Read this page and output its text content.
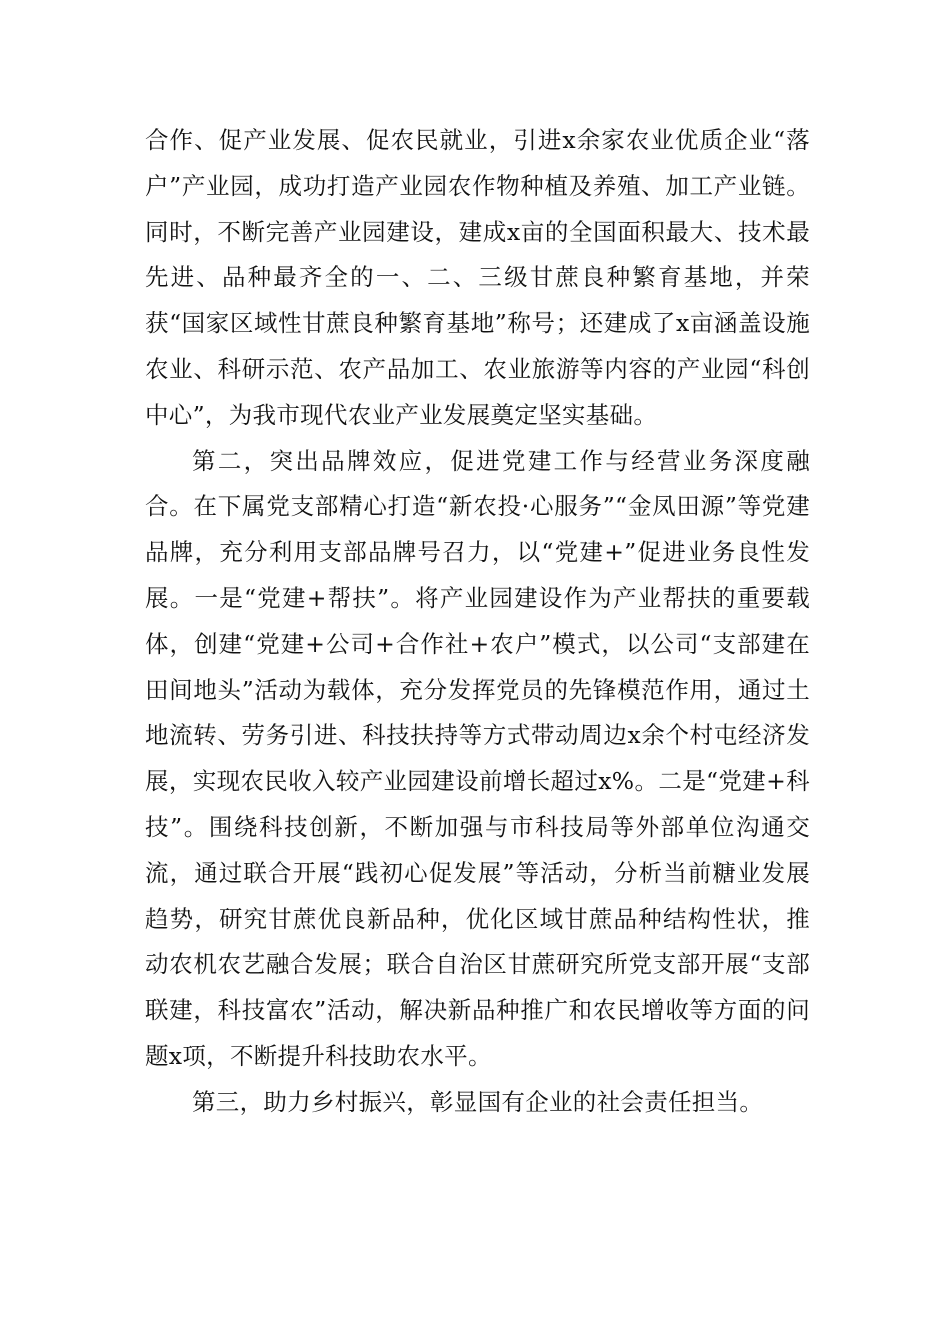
合作、促产业发展、促农民就业，引进x余家农业优质企业“落户”产业园，成功打造产业园农作物种植及养殖、加工产业链。同时，不断完善产业园建设，建成x亩的全国面积最大、技术最先进、品种最齐全的一、二、三级甘蔗良种繁育基地，并荣获“国家区域性甘蔗良种繁育基地”称号；还建成了x亩涵盖设施农业、科研示范、农产品加工、农业旅游等内容的产业园“科创中心”，为我市现代农业产业发展奠定坚实基础。

第二，突出品牌效应，促进党建工作与经营业务深度融合。在下属党支部精心打造“新农投·心服务”“金凤田源”等党建品牌，充分利用支部品牌号召力，以“党建+”促进业务良性发展。一是“党建+帮扶”。将产业园建设作为产业帮扶的重要载体，创建“党建+公司+合作社+农户”模式，以公司“支部建在田间地头”活动为载体，充分发挥党员的先锋模范作用，通过土地流转、劳务引进、科技扶持等方式带动周边x余个村屯经济发展，实现农民收入较产业园建设前增长超过x%。二是“党建+科技”。围绕科技创新，不断加强与市科技局等外部单位沟通交流，通过联合开展“践初心促发展”等活动，分析当前糖业发展趋势，研究甘蔗优良新品种，优化区域甘蔗品种结构性状，推动农机农艺融合发展；联合自治区甘蔗研究所党支部开展“支部联建，科技富农”活动，解决新品种推广和农民增收等方面的问题x项，不断提升科技助农水平。

第三，助力乡村振兴，彰显国有企业的社会责任担当。
